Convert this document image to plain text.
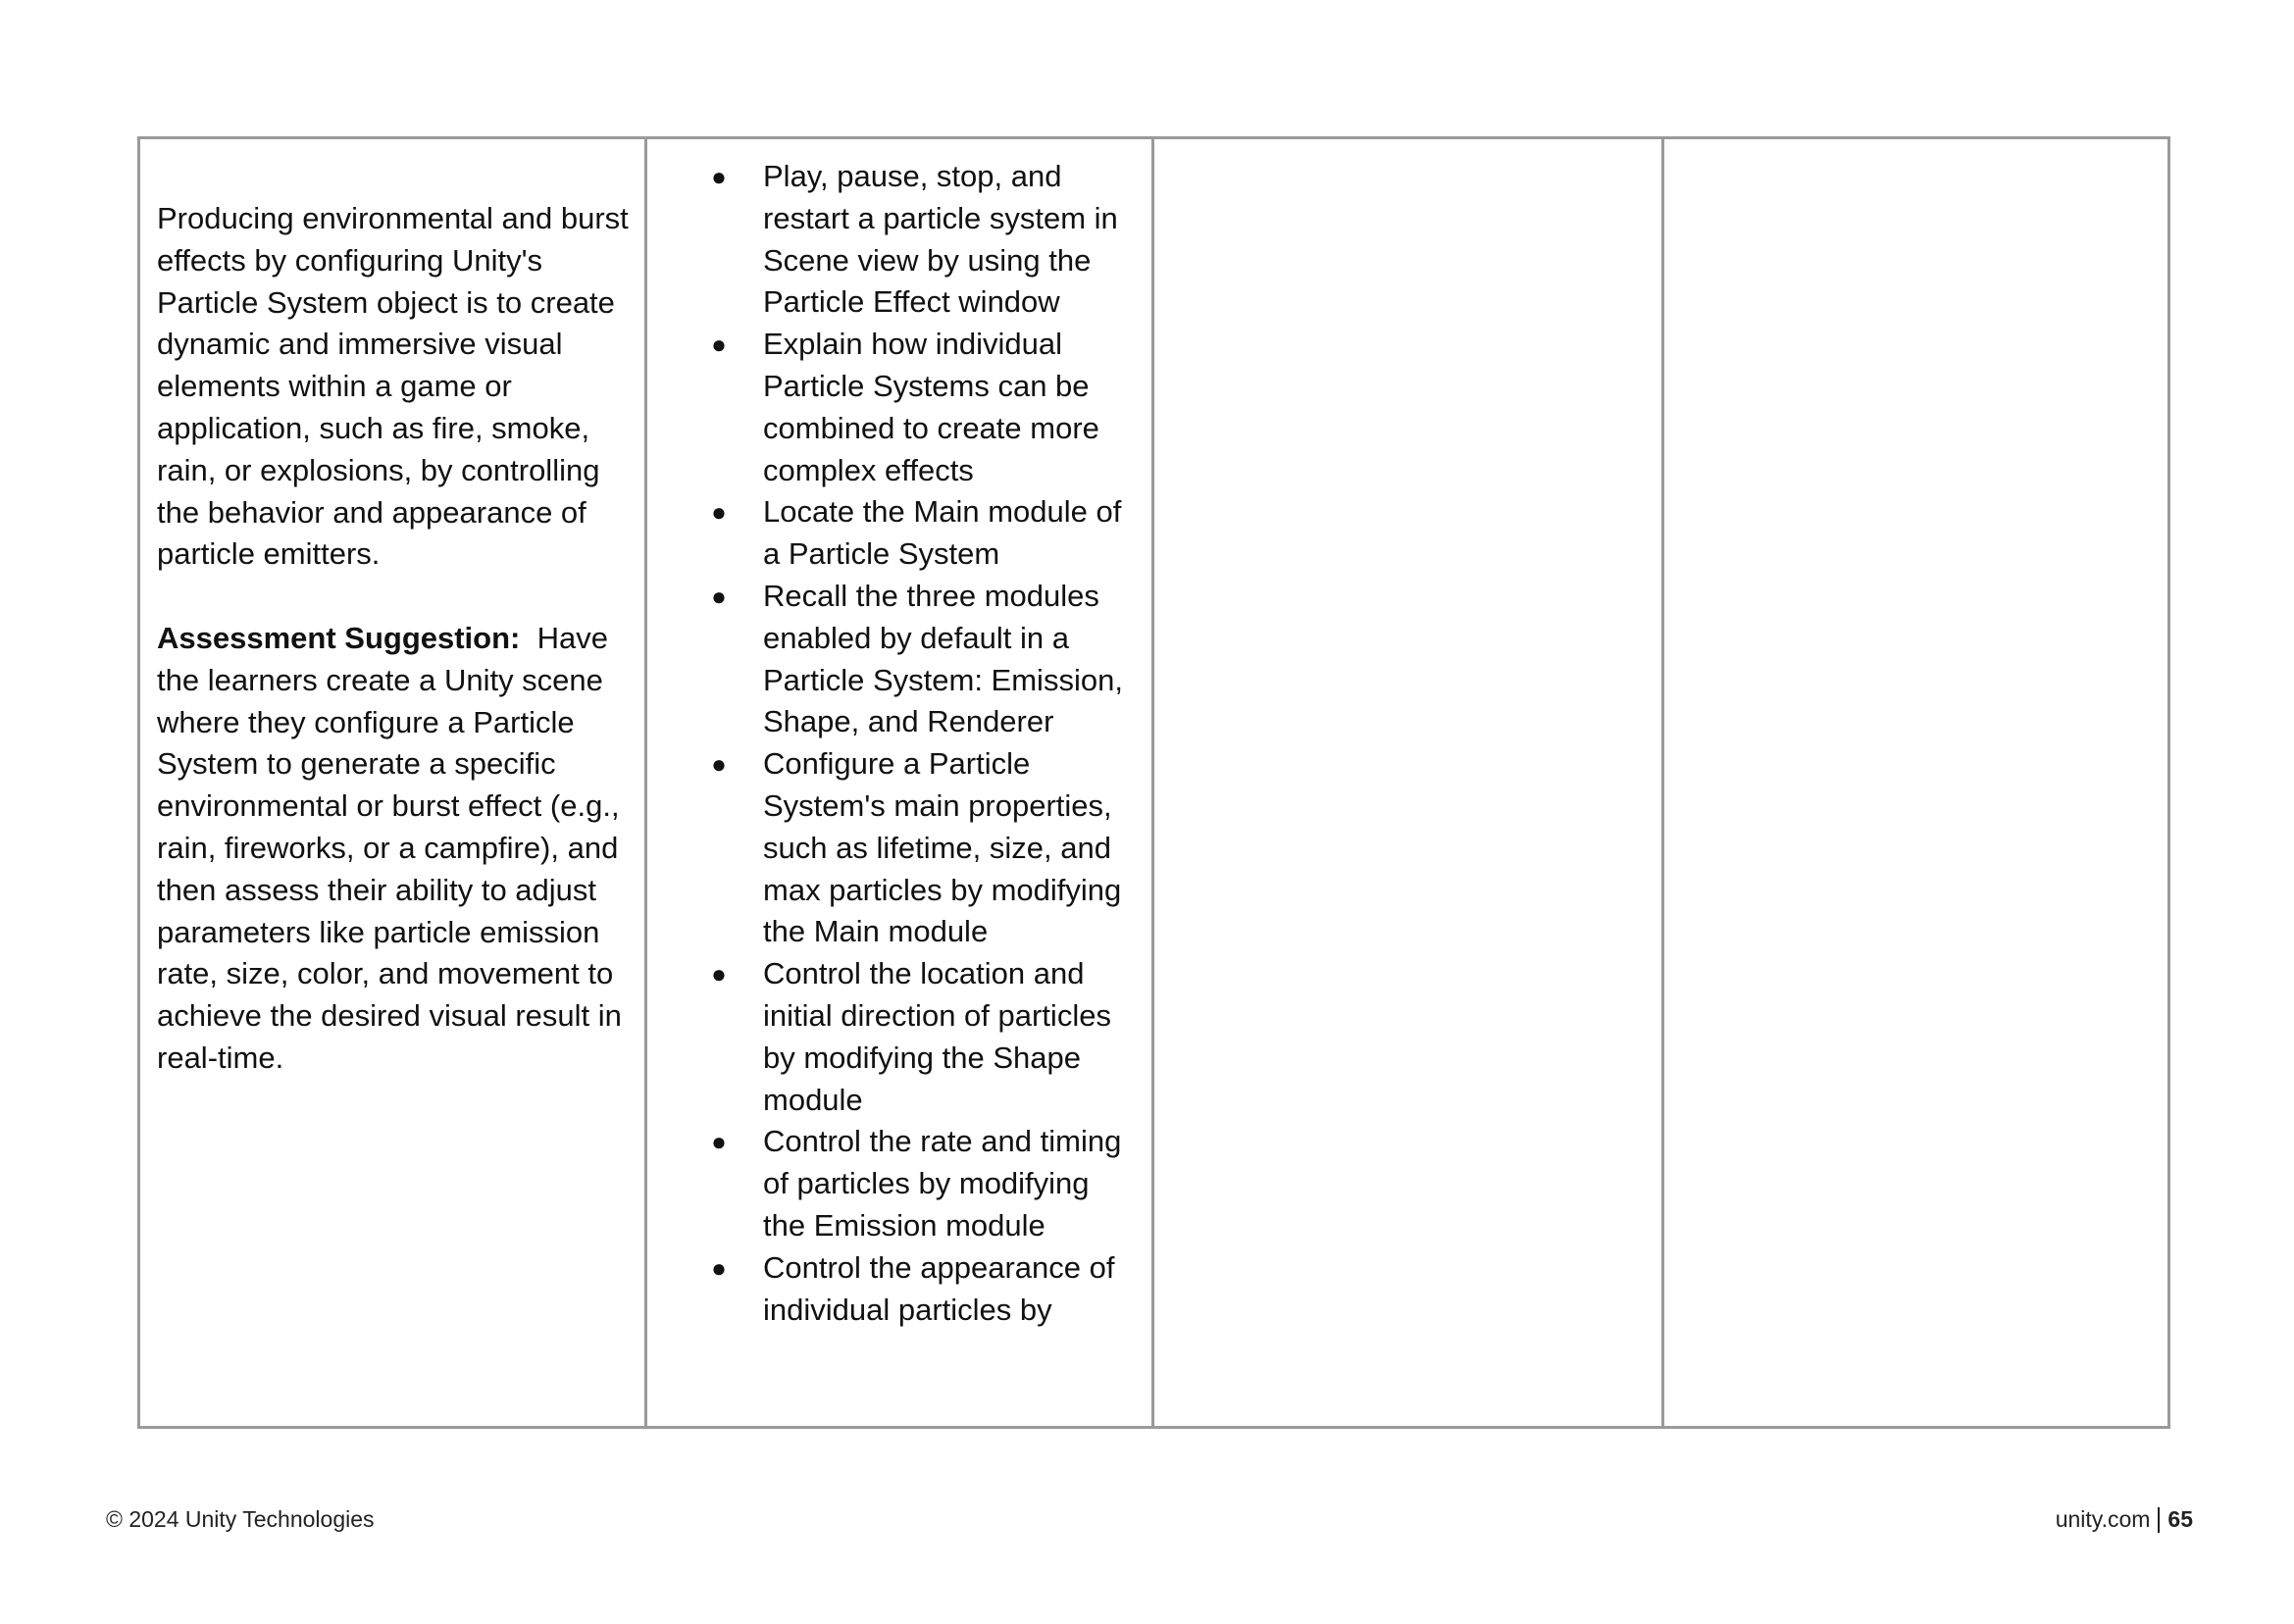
Producing environmental and burst effects by configuring Unity's Particle System object is to create dynamic and immersive visual elements within a game or application, such as fire, smoke, rain, or explosions, by controlling the behavior and appearance of particle emitters.

Assessment Suggestion: Have the learners create a Unity scene where they configure a Particle System to generate a specific environmental or burst effect (e.g., rain, fireworks, or a campfire), and then assess their ability to adjust parameters like particle emission rate, size, color, and movement to achieve the desired visual result in real-time.

● Play, pause, stop, and restart a particle system in Scene view by using the Particle Effect window
● Explain how individual Particle Systems can be combined to create more complex effects
● Locate the Main module of a Particle System
● Recall the three modules enabled by default in a Particle System: Emission, Shape, and Renderer
● Configure a Particle System's main properties, such as lifetime, size, and max particles by modifying the Main module
● Control the location and initial direction of particles by modifying the Shape module
● Control the rate and timing of particles by modifying the Emission module
● Control the appearance of individual particles by
© 2024 Unity Technologies	unity.com 65
